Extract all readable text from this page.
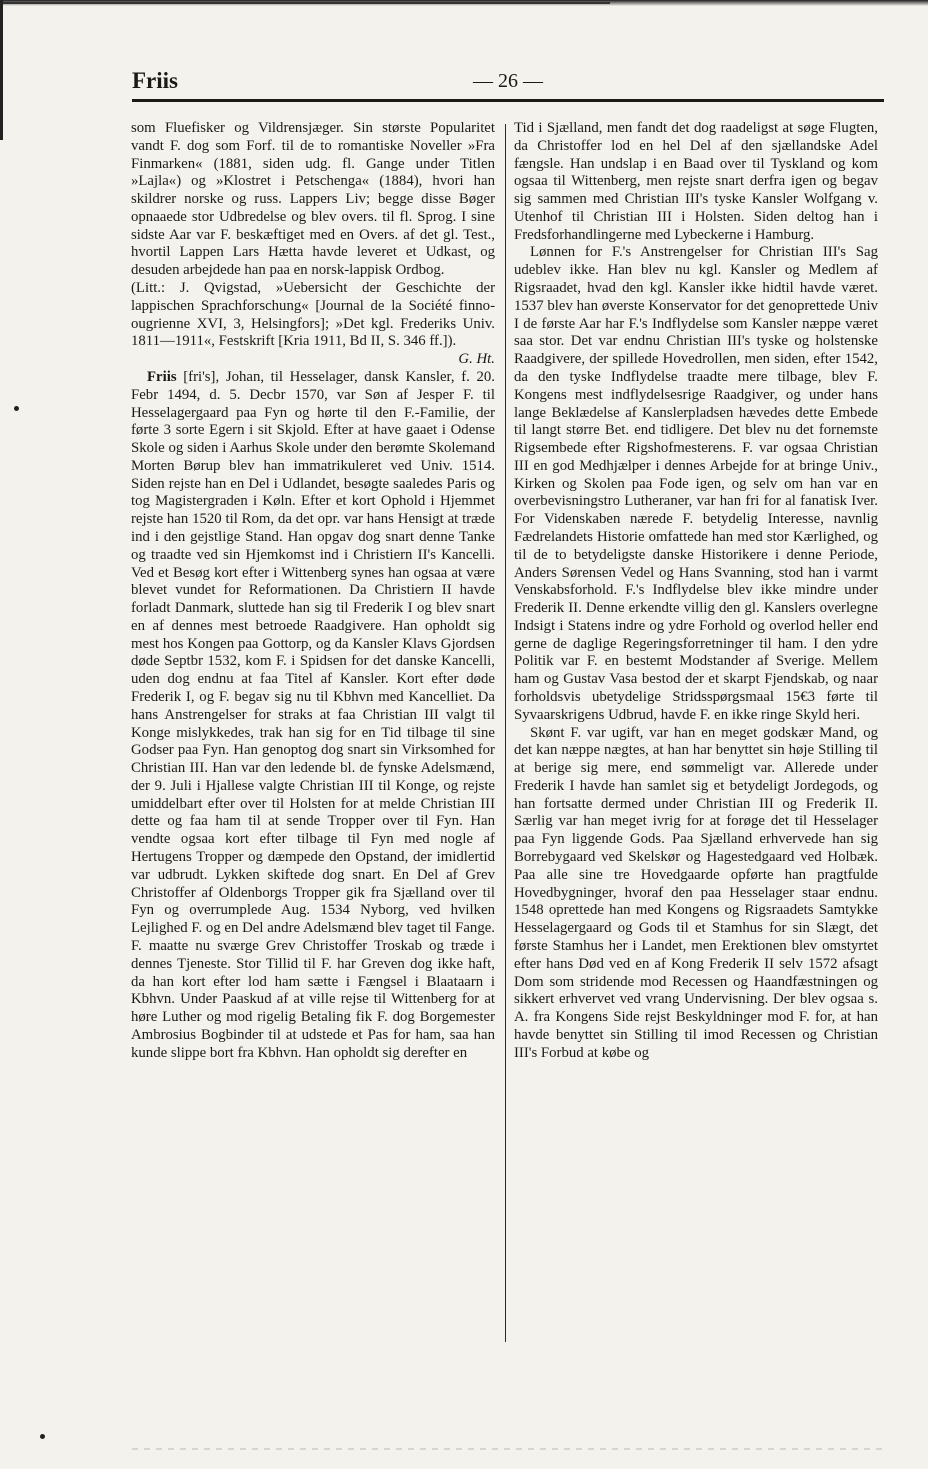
Friis	— 26 —

som Fluefisker og Vildrensjæger. Sin største Popularitet vandt F. dog som Forf. til de to romantiske Noveller »Fra Finmarken« (1881, siden udg. fl. Gange under Titlen »Lajla«) og »Klostret i Petschenga« (1884), hvori han skildrer norske og russ. Lappers Liv; begge disse Bøger opnaaede stor Udbredelse og blev overs. til fl. Sprog. I sine sidste Aar var F. beskæftiget med en Overs. af det gl. Test., hvortil Lappen Lars Hætta havde leveret et Udkast, og desuden arbejdede han paa en norsk-lappisk Ordbog.

(Litt.: J. Qvigstad, »Uebersicht der Geschichte der lappischen Sprachforschung« [Journal de la Société finno-ougrienne XVI, 3, Helsingfors]; »Det kgl. Frederiks Univ. 1811—1911«, Festskrift [Kria 1911, Bd II, S. 346 ff.]).

G. Ht.

Friis [fri's], Johan, til Hesselager, dansk Kansler, f. 20. Febr 1494, d. 5. Decbr 1570, var Søn af Jesper F. til Hesselagergaard paa Fyn og hørte til den F.-Familie, der førte 3 sorte Egern i sit Skjold. Efter at have gaaet i Odense Skole og siden i Aarhus Skole under den berømte Skolemand Morten Børup blev han immatrikuleret ved Univ. 1514. Siden rejste han en Del i Udlandet, besøgte saaledes Paris og tog Magistergraden i Køln. Efter et kort Ophold i Hjemmet rejste han 1520 til Rom, da det opr. var hans Hensigt at træde ind i den gejstlige Stand. Han opgav dog snart denne Tanke og traadte ved sin Hjemkomst ind i Christiern II's Kancelli. Ved et Besøg kort efter i Wittenberg synes han ogsaa at være blevet vundet for Reformationen. Da Christiern II havde forladt Danmark, sluttede han sig til Frederik I og blev snart en af dennes mest betroede Raadgivere. Han opholdt sig mest hos Kongen paa Gottorp, og da Kansler Klavs Gjordsen døde Septbr 1532, kom F. i Spidsen for det danske Kancelli, uden dog endnu at faa Titel af Kansler. Kort efter døde Frederik I, og F. begav sig nu til Kbhvn med Kancelliet. Da hans Anstrengelser for straks at faa Christian III valgt til Konge mislykkedes, trak han sig for en Tid tilbage til sine Godser paa Fyn. Han genoptog dog snart sin Virksomhed for Christian III. Han var den ledende bl. de fynske Adelsmænd, der 9. Juli i Hjallese valgte Christian III til Konge, og rejste umiddelbart efter over til Holsten for at melde Christian III dette og faa ham til at sende Tropper over til Fyn. Han vendte ogsaa kort efter tilbage til Fyn med nogle af Hertugens Tropper og dæmpede den Opstand, der imidlertid var udbrudt. Lykken skiftede dog snart. En Del af Grev Christoffer af Oldenborgs Tropper gik fra Sjælland over til Fyn og overrumplede Aug. 1534 Nyborg, ved hvilken Lejlighed F. og en Del andre Adelsmænd blev taget til Fange. F. maatte nu sværge Grev Christoffer Troskab og træde i dennes Tjeneste. Stor Tillid til F. har Greven dog ikke haft, da han kort efter lod ham sætte i Fængsel i Blaataarn i Kbhvn. Under Paaskud af at ville rejse til Wittenberg for at høre Luther og mod rigelig Betaling fik F. dog Borgemester Ambrosius Bogbinder til at udstede et Pas for ham, saa han kunde slippe bort fra Kbhvn. Han opholdt sig derefter en

Tid i Sjælland, men fandt det dog raadeligst at søge Flugten, da Christoffer lod en hel Del af den sjællandske Adel fængsle. Han undslap i en Baad over til Tyskland og kom ogsaa til Wittenberg, men rejste snart derfra igen og begav sig sammen med Christian III's tyske Kansler Wolfgang v. Utenhof til Christian III i Holsten. Siden deltog han i Fredsforhandlingerne med Lybeckerne i Hamburg.

Lønnen for F.'s Anstrengelser for Christian III's Sag udeblev ikke. Han blev nu kgl. Kansler og Medlem af Rigsraadet, hvad den kgl. Kansler ikke hidtil havde været. 1537 blev han øverste Konservator for det genoprettede Univ I de første Aar har F.'s Indflydelse som Kansler næppe været saa stor. Det var endnu Christian III's tyske og holstenske Raadgivere, der spillede Hovedrollen, men siden, efter 1542, da den tyske Indflydelse traadte mere tilbage, blev F. Kongens mest indflydelsesrige Raadgiver, og under hans lange Beklædelse af Kanslerpladsen hævedes dette Embede til langt større Bet. end tidligere. Det blev nu det fornemste Rigsembede efter Rigshofmesterens. F. var ogsaa Christian III en god Medhjælper i dennes Arbejde for at bringe Univ., Kirken og Skolen paa Fode igen, og selv om han var en overbevisningstro Lutheraner, var han fri for al fanatisk Iver. For Videnskaben nærede F. betydelig Interesse, navnlig Fædrelandets Historie omfattede han med stor Kærlighed, og til de to betydeligste danske Historikere i denne Periode, Anders Sørensen Vedel og Hans Svanning, stod han i varmt Venskabsforhold. F.'s Indflydelse blev ikke mindre under Frederik II. Denne erkendte villig den gl. Kanslers overlegne Indsigt i Statens indre og ydre Forhold og overlod heller end gerne de daglige Regeringsforretninger til ham. I den ydre Politik var F. en bestemt Modstander af Sverige. Mellem ham og Gustav Vasa bestod der et skarpt Fjendskab, og naar forholdsvis ubetydelige Stridsspørgsmaal 15€3 førte til Syvaarskrigens Udbrud, havde F. en ikke ringe Skyld heri.

Skønt F. var ugift, var han en meget godskær Mand, og det kan næppe nægtes, at han har benyttet sin høje Stilling til at berige sig mere, end sømmeligt var. Allerede under Frederik I havde han samlet sig et betydeligt Jordegods, og han fortsatte dermed under Christian III og Frederik II. Særlig var han meget ivrig for at forøge det til Hesselager paa Fyn liggende Gods. Paa Sjælland erhvervede han sig Borrebygaard ved Skelskør og Hagestedgaard ved Holbæk. Paa alle sine tre Hovedgaarde opførte han pragtfulde Hovedbygninger, hvoraf den paa Hesselager staar endnu. 1548 oprettede han med Kongens og Rigsraadets Samtykke Hesselagergaard og Gods til et Stamhus for sin Slægt, det første Stamhus her i Landet, men Erektionen blev omstyrtet efter hans Død ved en af Kong Frederik II selv 1572 afsagt Dom som stridende mod Recessen og Haandfæstningen og sikkert erhvervet ved vrang Undervisning. Der blev ogsaa s. A. fra Kongens Side rejst Beskyldninger mod F. for, at han havde benyttet sin Stilling til imod Recessen og Christian III's Forbud at købe og
